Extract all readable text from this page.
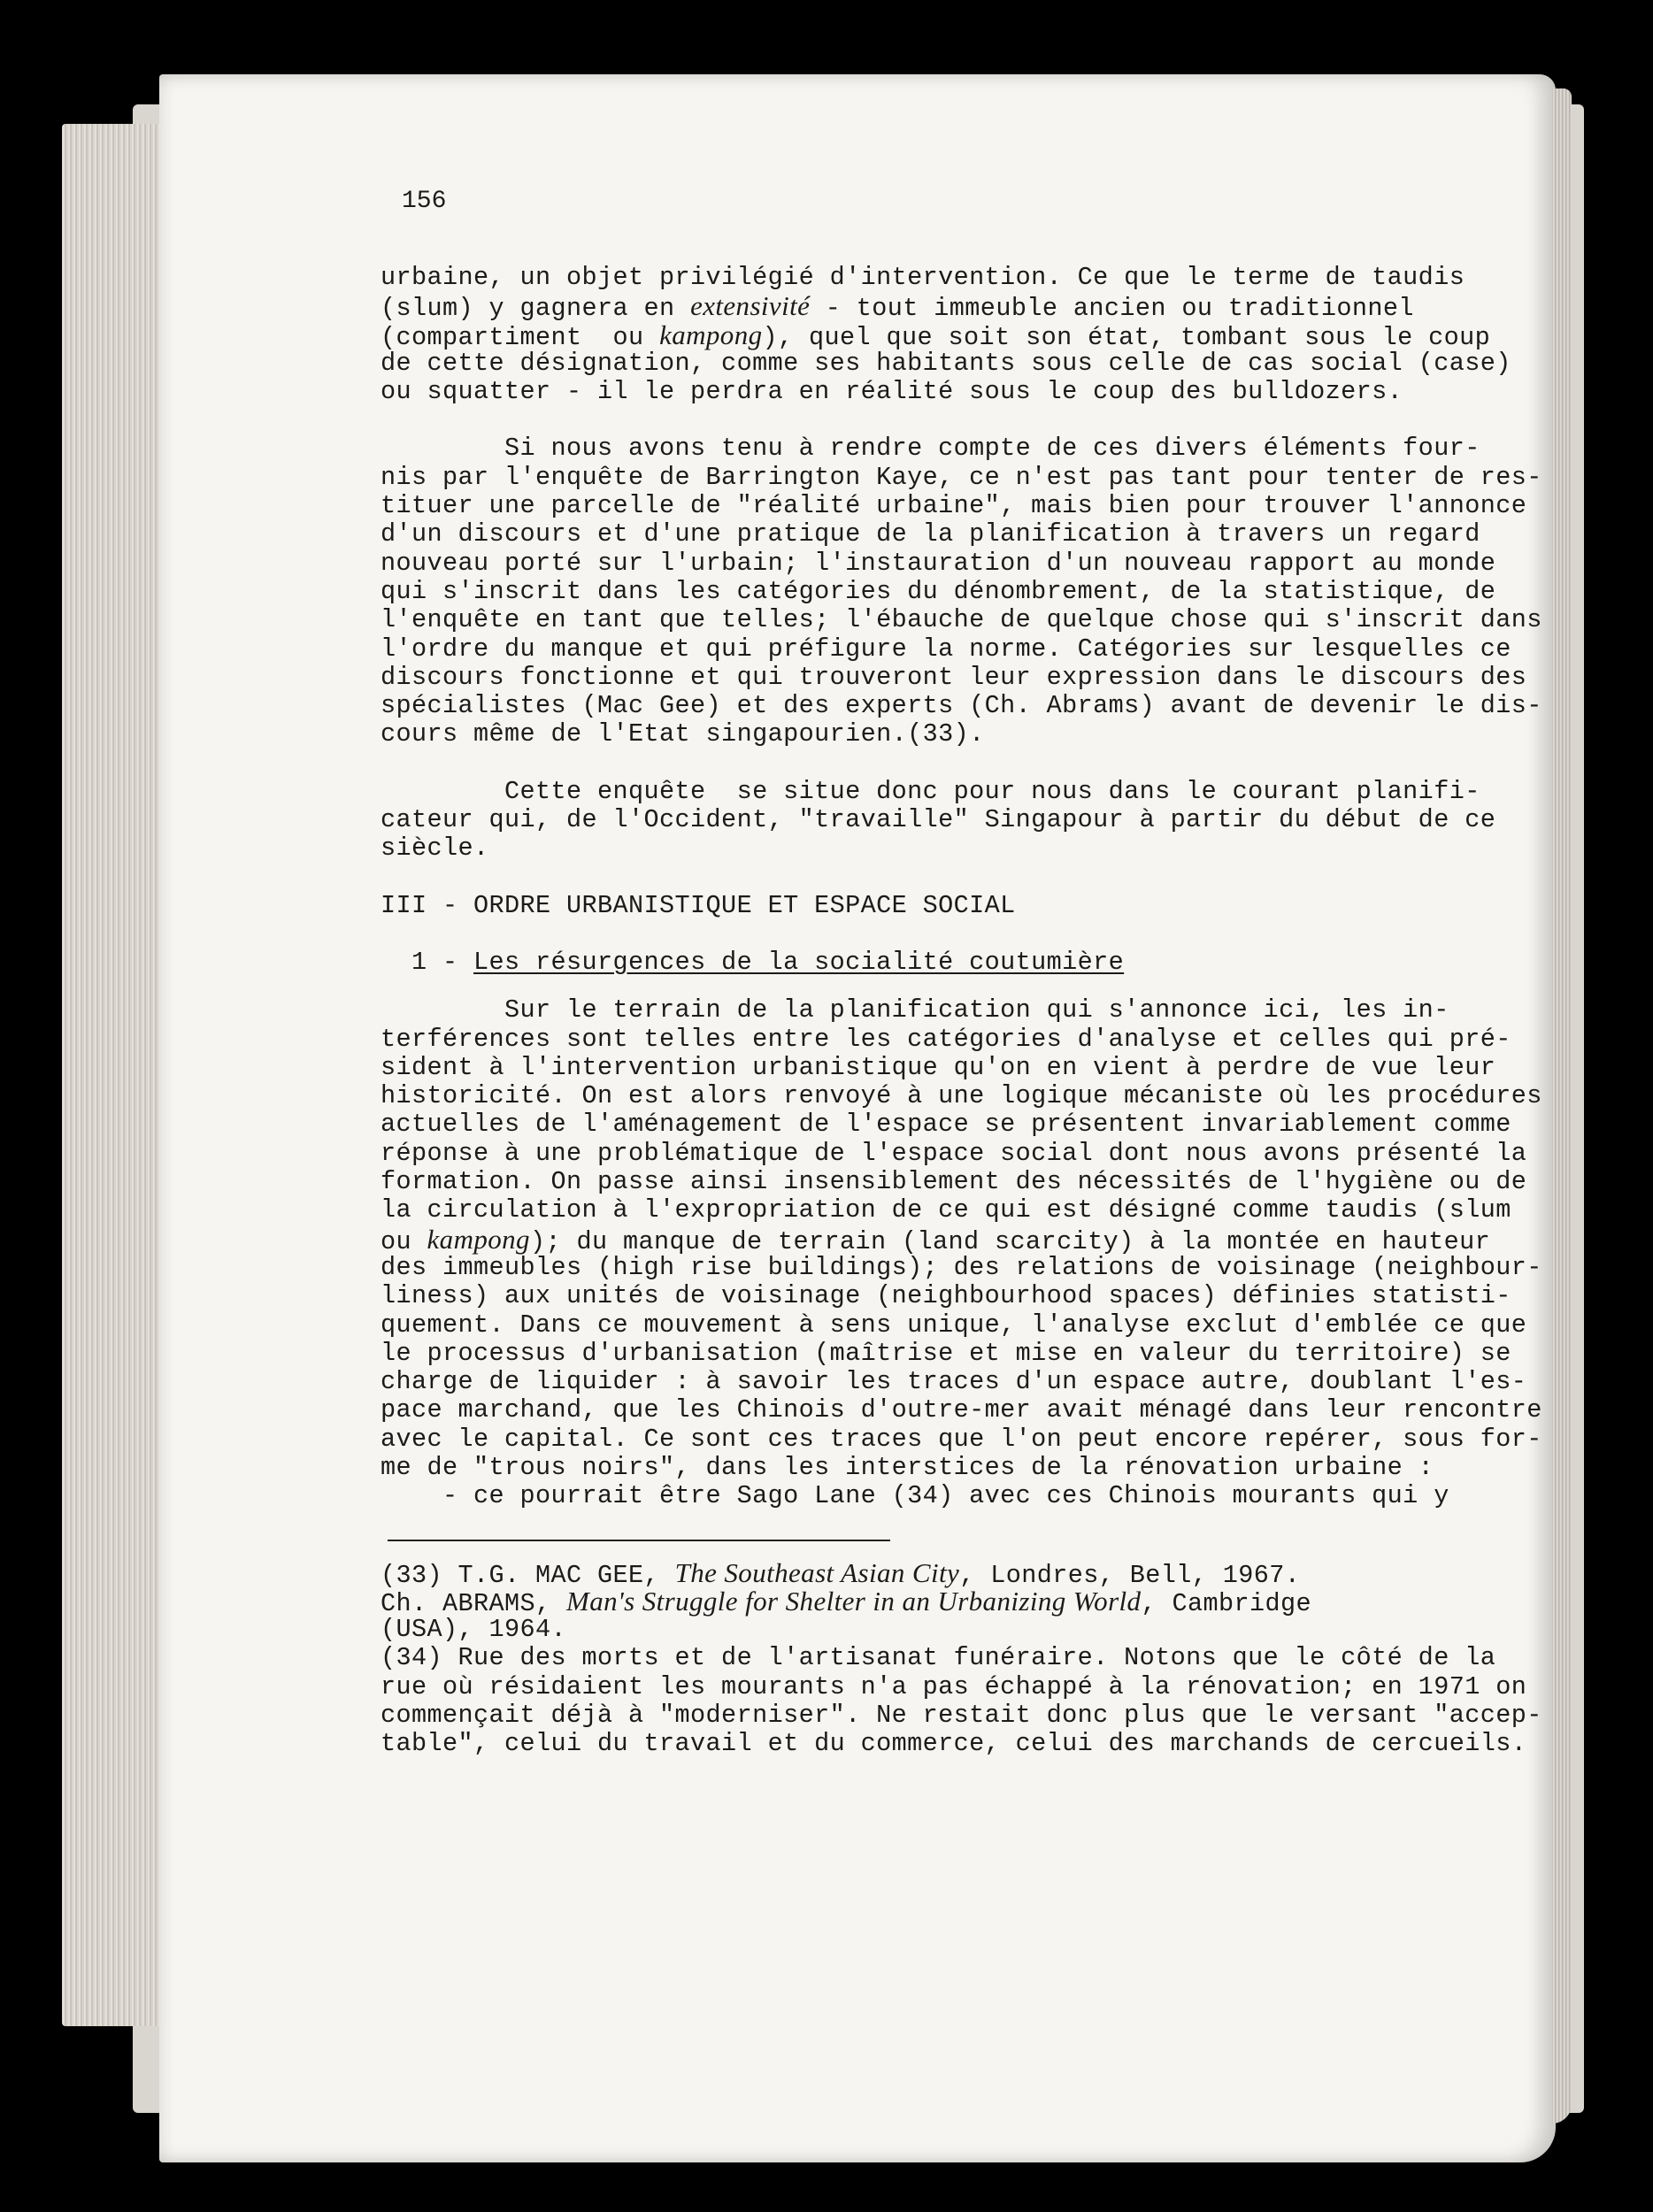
156
urbaine, un objet privilégié d'intervention. Ce que le terme de taudis
(slum) y gagnera en extensivité - tout immeuble ancien ou traditionnel
(compartiment  ou kampong), quel que soit son état, tombant sous le coup
de cette désignation, comme ses habitants sous celle de cas social (case)
ou squatter - il le perdra en réalité sous le coup des bulldozers.
Si nous avons tenu à rendre compte de ces divers éléments four-
nis par l'enquête de Barrington Kaye, ce n'est pas tant pour tenter de res-
tituer une parcelle de "réalité urbaine", mais bien pour trouver l'annonce
d'un discours et d'une pratique de la planification à travers un regard
nouveau porté sur l'urbain; l'instauration d'un nouveau rapport au monde
qui s'inscrit dans les catégories du dénombrement, de la statistique, de
l'enquête en tant que telles; l'ébauche de quelque chose qui s'inscrit dans
l'ordre du manque et qui préfigure la norme. Catégories sur lesquelles ce
discours fonctionne et qui trouveront leur expression dans le discours des
spécialistes (Mac Gee) et des experts (Ch. Abrams) avant de devenir le dis-
cours même de l'Etat singapourien.(33).
Cette enquête  se situe donc pour nous dans le courant planifi-
cateur qui, de l'Occident, "travaille" Singapour à partir du début de ce
siècle.
III - ORDRE URBANISTIQUE ET ESPACE SOCIAL
1 - Les résurgences de la socialité coutumière
Sur le terrain de la planification qui s'annonce ici, les in-
terférences sont telles entre les catégories d'analyse et celles qui pré-
sident à l'intervention urbanistique qu'on en vient à perdre de vue leur
historicité. On est alors renvoyé à une logique mécaniste où les procédures
actuelles de l'aménagement de l'espace se présentent invariablement comme
réponse à une problématique de l'espace social dont nous avons présenté la
formation. On passe ainsi insensiblement des nécessités de l'hygiène ou de
la circulation à l'expropriation de ce qui est désigné comme taudis (slum
ou kampong); du manque de terrain (land scarcity) à la montée en hauteur
des immeubles (high rise buildings); des relations de voisinage (neighbour-
liness) aux unités de voisinage (neighbourhood spaces) définies statisti-
quement. Dans ce mouvement à sens unique, l'analyse exclut d'emblée ce que
le processus d'urbanisation (maîtrise et mise en valeur du territoire) se
charge de liquider : à savoir les traces d'un espace autre, doublant l'es-
pace marchand, que les Chinois d'outre-mer avait ménagé dans leur rencontre
avec le capital. Ce sont ces traces que l'on peut encore repérer, sous for-
me de "trous noirs", dans les interstices de la rénovation urbaine :
- ce pourrait être Sago Lane (34) avec ces Chinois mourants qui y
(33) T.G. MAC GEE, The Southeast Asian City, Londres, Bell, 1967.
Ch. ABRAMS, Man's Struggle for Shelter in an Urbanizing World, Cambridge
(USA), 1964.
(34) Rue des morts et de l'artisanat funéraire. Notons que le côté de la
rue où résidaient les mourants n'a pas échappé à la rénovation; en 1971 on
commençait déjà à "moderniser". Ne restait donc plus que le versant "accep-
table", celui du travail et du commerce, celui des marchands de cercueils.
